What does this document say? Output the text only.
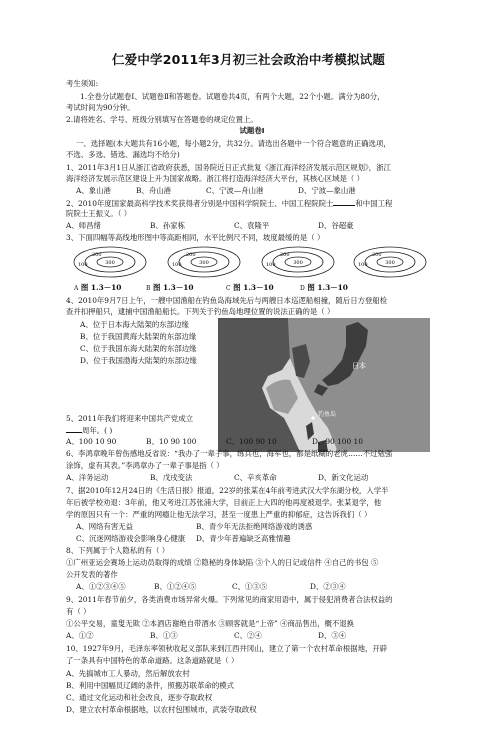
仁爱中学2011年3月初三社会政治中考模拟试题
考生须知:
1.全卷分试题卷Ⅰ、试题卷Ⅱ和答题卷。试题卷共4页，有两个大题，22个小题。满分为80分，
考试时间为90分钟。
2.请将姓名、学号、班级分别填写在答题卷的规定位置上。
试题卷Ⅰ
一、选择题(本大题共有16小题，每小题2分，共32分。请选出各题中一个符合题意的正确选项，
不选、多选、错选、漏选均不给分)
1、2011年3月1日从浙江省政府获悉，国务院近日正式批复《浙江海洋经济发展示范区规划》，浙江
海洋经济发展示范区建设上升为国家战略。浙江将打造海洋经济大平台，其核心区域是（ ）
A、象山港	B、舟山港	C、宁波—舟山港	D、宁波—象山港
2、2010年度国家最高科学技术奖获得者分别是中国科学院院士、中国工程院院士	和中国工程
院院士王振义。（ ）
A、师昌绪	B、孙家栋	C、袁隆平	D、谷超豪
3、下面四幅等高线地形图中等高距相同，水平比例尺不同，坡度最缓的是（ ）
300
200
100	300
200
100	300
200
100	300
200
100
A 图 1.3－10	B 图 1.3－10	C 图 1.3－10	D 图 1.3－10
4、2010年9月7日上午，一艘中国渔船在钓鱼岛海域先后与两艘日本巡逻船相撞，随后日方登船检
查并扣押船只，逮捕中国渔船船长。下列关于钓鱼岛地理位置的说法正确的是（ ）
A、位于日本海大陆架的东部边缘
B、位于我国黄海大陆架的东部边缘
C、位于我国东海大陆架的东部边缘
D、位于我国渤海大陆架的东部边缘
日本
钓鱼岛
5、2011年我们将迎来中国共产党成立
周年。( )
A、100 10 90	B、10 90 100	C、100 90 10	D、90 100 10
6、李鸿章晚年曾伤感地反省说：“我办了一辈子事，练兵也，海军也，都是纸糊的老虎……不过勉强
涂饰，虚有其表。”李鸿章办了一辈子事是指（ ）
A、洋务运动	B、戊戌变法	C、辛亥革命	D、新文化运动
7、据2010年12月24日的《生活日报》报道，22岁的张某在4年前考进武汉大学东湖分校，入学半
年后被学校劝退：3年前，他又考进江苏张浦大学，目前正上大四的他再度被退学。张某退学，他
学的原因只有一个：严重的网瘾让他无法学习，甚至一度患上严重的抑郁症，这告诉我们（ ）
A、网络有害无益	B、青少年无法拒绝网络游戏的诱惑
C、沉迷网络游戏会影响身心健康	D、青少年普遍缺乏高雅情趣
8、下列属于个人隐私的有（ ）
①广州亚运会赛场上运动员取得的成绩 ②隐秘的身体缺陷 ③个人的日记或信件 ④自己的书包 ⑤
公开发表的著作
A、①②③④⑤	B、①②④⑤	C、①③⑤	D、②③④
9、2011年春节前夕，各类消费市场异常火爆。下列常见的商家用语中，属于侵犯消费者合法权益的
有（ ）
①公平交易，童叟无欺 ②本酒店谢绝自带酒水 ③顾客就是“上帝” ④商品售出，概不退换
A、①②	B、①③	C、②④	D、③④
10、1927年9月，毛泽东率领秋收起义部队来到江西井冈山，建立了第一个农村革命根据地，开辟
了一条具有中国特色的革命道路。这条道路就是（ ）
A、先搞城市工人暴动，然后解放农村
B、利用中国幅员辽阔的条件，照搬苏联革命的模式
C、通过文化运动和社会改良，逐步夺取政权
D、建立农村革命根据地，以农村包围城市，武装夺取政权
